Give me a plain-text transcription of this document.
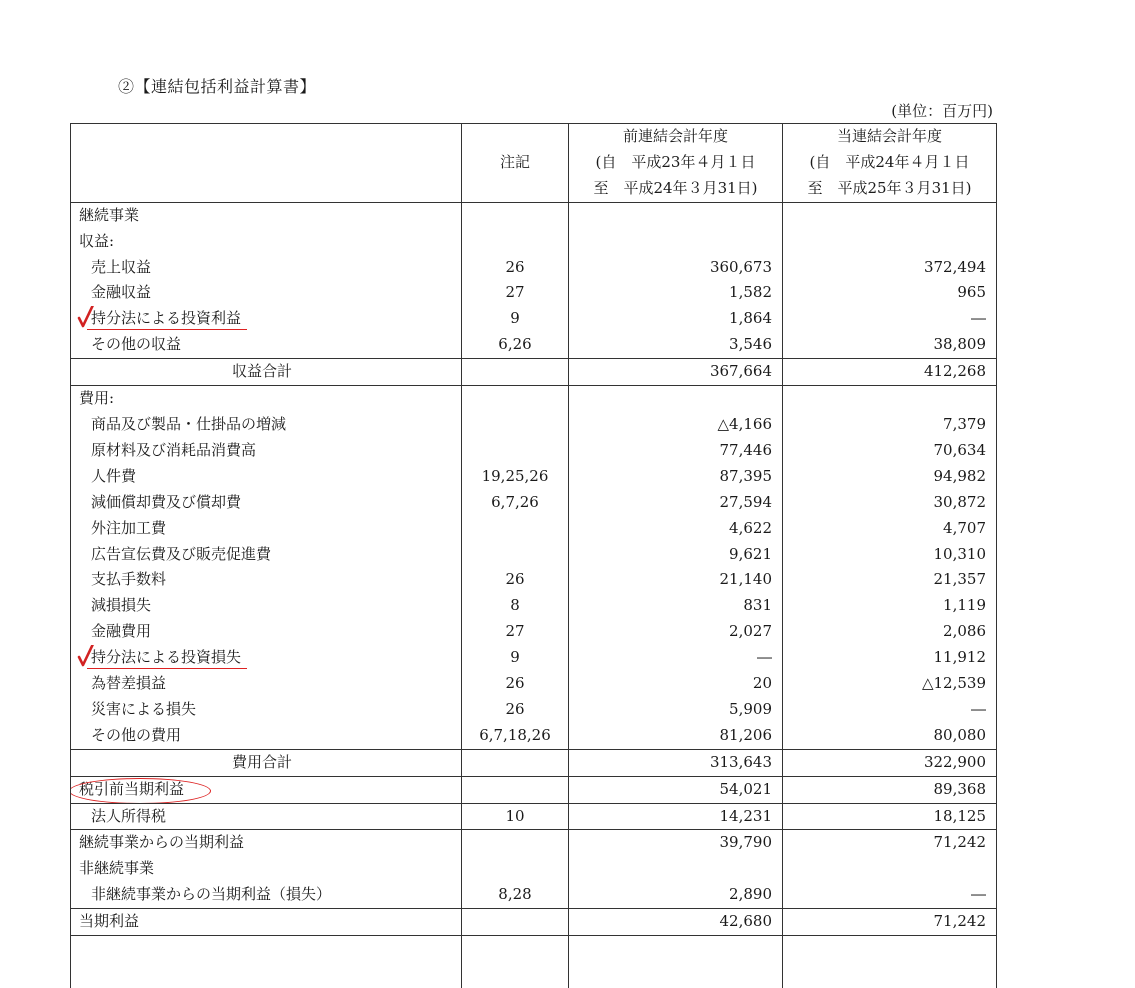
②【連結包括利益計算書】
(単位：百万円)
		前連結会計年度	当連結会計年度
	注記	(自　平成23年４月１日	(自　平成24年４月１日
		至　平成24年３月31日)	至　平成25年３月31日)
継続事業			
収益:			
売上収益	26	360,673	372,494
金融収益	27	1,582	965

持分法による投資利益	9	1,864	―
その他の収益	6,26	3,546	38,809
収益合計		367,664	412,268
費用:			
商品及び製品・仕掛品の増減		△4,166	7,379
原材料及び消耗品消費高		77,446	70,634
人件費	19,25,26	87,395	94,982
減価償却費及び償却費	6,7,26	27,594	30,872
外注加工費		4,622	4,707
広告宣伝費及び販売促進費		9,621	10,310
支払手数料	26	21,140	21,357
減損損失	8	831	1,119
金融費用	27	2,027	2,086

持分法による投資損失	9	―	11,912
為替差損益	26	20	△12,539
災害による損失	26	5,909	―
その他の費用	6,7,18,26	81,206	80,080
費用合計		313,643	322,900
税引前当期利益		54,021	89,368
法人所得税	10	14,231	18,125
継続事業からの当期利益		39,790	71,242
非継続事業			
非継続事業からの当期利益（損失）	8,28	2,890	―
当期利益		42,680	71,242
